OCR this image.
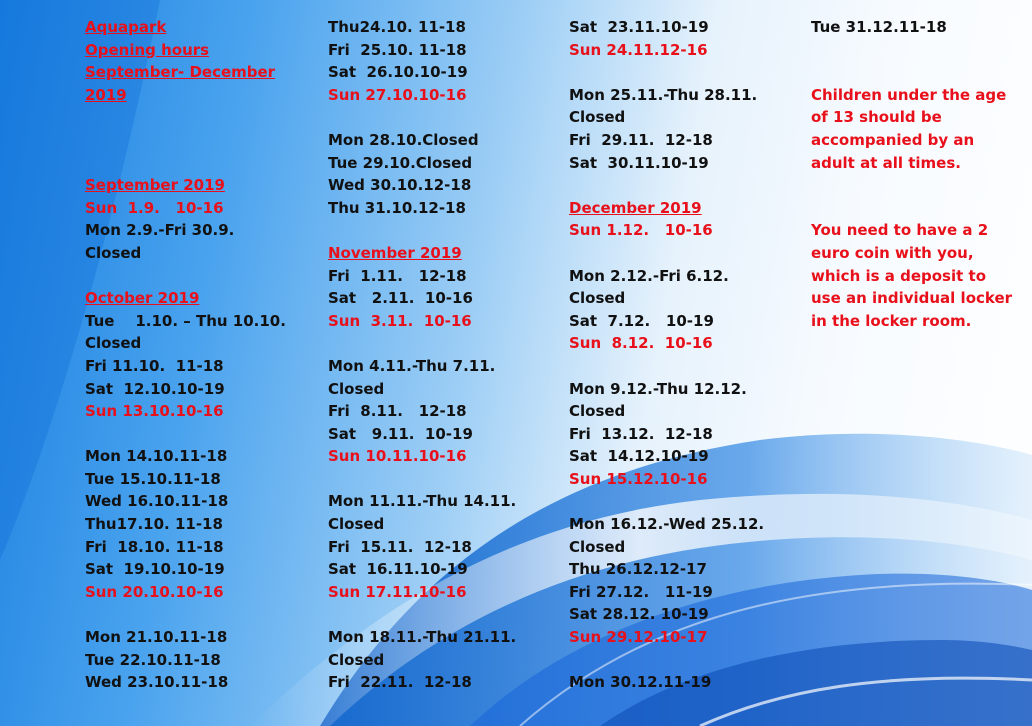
Aquapark
Opening hours
September- December
2019
September 2019
Sun  1.9.   10-16
Mon 2.9.-Fri 30.9.
Closed
October 2019
Tue    1.10. – Thu 10.10.
Closed
Fri 11.10.  11-18
Sat  12.10.10-19
Sun 13.10.10-16
Mon 14.10.11-18
Tue 15.10.11-18
Wed 16.10.11-18
Thu17.10. 11-18
Fri  18.10. 11-18
Sat  19.10.10-19
Sun 20.10.10-16
Mon 21.10.11-18
Tue 22.10.11-18
Wed 23.10.11-18
Thu24.10. 11-18
Fri  25.10. 11-18
Sat  26.10.10-19
Sun 27.10.10-16
Mon 28.10.Closed
Tue 29.10.Closed
Wed 30.10.12-18
Thu 31.10.12-18
November 2019
Fri  1.11.   12-18
Sat   2.11.  10-16
Sun  3.11.  10-16
Mon 4.11.-Thu 7.11.
Closed
Fri  8.11.   12-18
Sat   9.11.  10-19
Sun 10.11.10-16
Mon 11.11.-Thu 14.11.
Closed
Fri  15.11.  12-18
Sat  16.11.10-19
Sun 17.11.10-16
Mon 18.11.-Thu 21.11.
Closed
Fri  22.11.  12-18
Sat  23.11.10-19
Sun 24.11.12-16
Mon 25.11.-Thu 28.11.
Closed
Fri  29.11.  12-18
Sat  30.11.10-19
December 2019
Sun 1.12.   10-16
Mon 2.12.-Fri 6.12.
Closed
Sat  7.12.   10-19
Sun  8.12.  10-16
Mon 9.12.-Thu 12.12.
Closed
Fri  13.12.  12-18
Sat  14.12.10-19
Sun 15.12.10-16
Mon 16.12.-Wed 25.12.
Closed
Thu 26.12.12-17
Fri 27.12.   11-19
Sat 28.12. 10-19
Sun 29.12.10-17
Mon 30.12.11-19
Tue 31.12.11-18
Children under the age of 13 should be accompanied by an adult at all times.
You need to have a 2 euro coin with you, which is a deposit to use an individual locker in the locker room.
